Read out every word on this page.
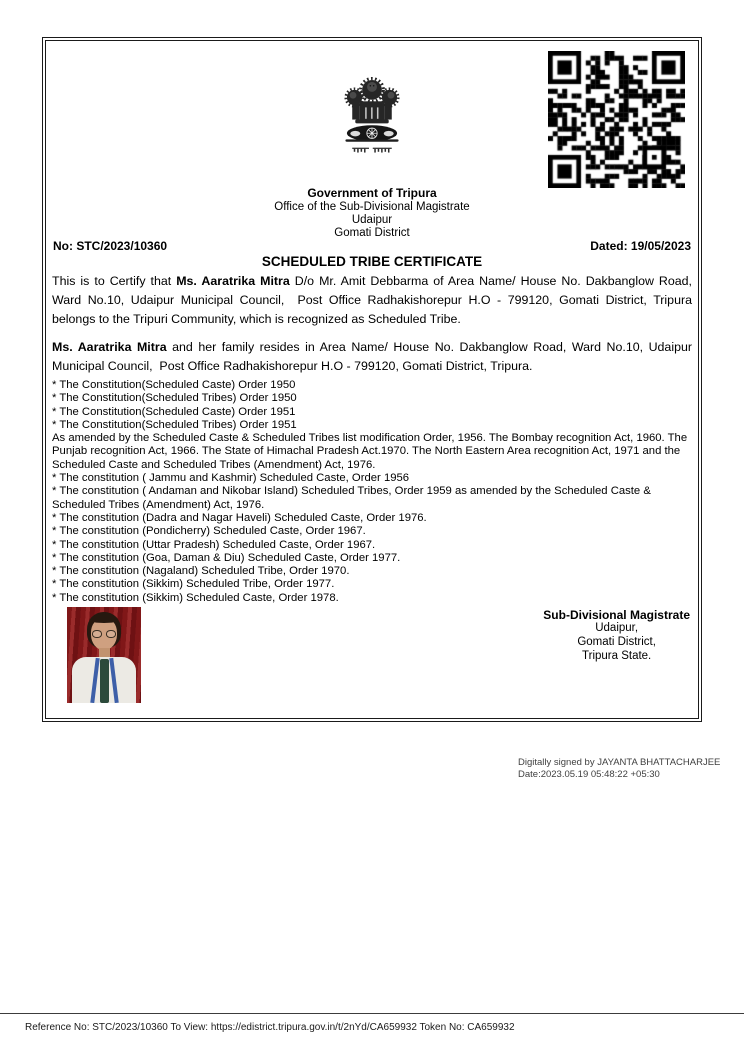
Government of Tripura
Office of the Sub-Divisional Magistrate
Udaipur
Gomati District
No: STC/2023/10360	Dated: 19/05/2023
SCHEDULED TRIBE CERTIFICATE

This is to Certify that Ms. Aaratrika Mitra D/o Mr. Amit Debbarma of Area Name/ House No. Dakbanglow Road, Ward No.10, Udaipur Municipal Council,  Post Office Radhakishorepur H.O - 799120, Gomati District, Tripura belongs to the Tripuri Community, which is recognized as Scheduled Tribe.

Ms. Aaratrika Mitra and her family resides in Area Name/ House No. Dakbanglow Road, Ward No.10, Udaipur Municipal Council,  Post Office Radhakishorepur H.O - 799120, Gomati District, Tripura.

* The Constitution(Scheduled Caste) Order 1950
* The Constitution(Scheduled Tribes) Order 1950
* The Constitution(Scheduled Caste) Order 1951
* The Constitution(Scheduled Tribes) Order 1951
As amended by the Scheduled Caste & Scheduled Tribes list modification Order, 1956. The Bombay recognition Act, 1960. The Punjab recognition Act, 1966. The State of Himachal Pradesh Act.1970. The North Eastern Area recognition Act, 1971 and the Scheduled Caste and Scheduled Tribes (Amendment) Act, 1976.
* The constitution ( Jammu and Kashmir) Scheduled Caste, Order 1956
* The constitution ( Andaman and Nikobar Island) Scheduled Tribes, Order 1959 as amended by the Scheduled Caste & Scheduled Tribes (Amendment) Act, 1976.
* The constitution (Dadra and Nagar Haveli) Scheduled Caste, Order 1976.
* The constitution (Pondicherry) Scheduled Caste, Order 1967.
* The constitution (Uttar Pradesh) Scheduled Caste, Order 1967.
* The constitution (Goa, Daman & Diu) Scheduled Caste, Order 1977.
* The constitution (Nagaland) Scheduled Tribe, Order 1970.
* The constitution (Sikkim) Scheduled Tribe, Order 1977.
* The constitution (Sikkim) Scheduled Caste, Order 1978.
Sub-Divisional Magistrate
Udaipur,
Gomati District,
Tripura State.
Digitally signed by JAYANTA BHATTACHARJEE
Date:2023.05.19 05:48:22 +05:30
Reference No: STC/2023/10360 To View: https://edistrict.tripura.gov.in/t/2nYd/CA659932 Token No: CA659932
